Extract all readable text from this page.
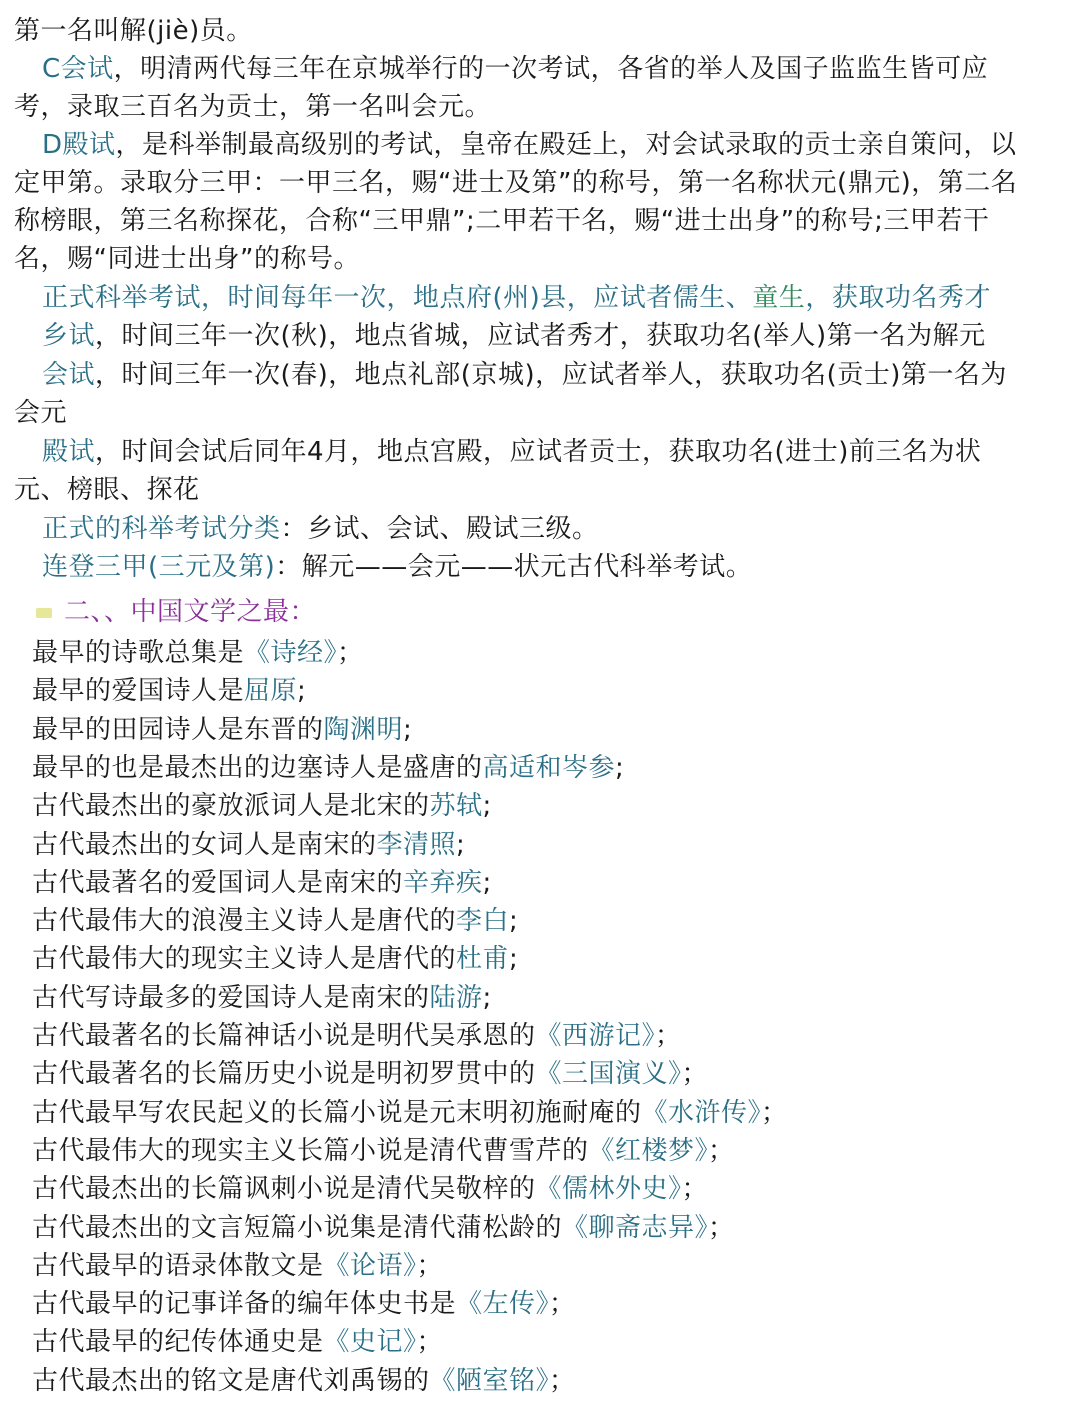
第一名叫解(jiè)员。
C会试，明清两代每三年在京城举行的一次考试，各省的举人及国子监监生皆可应
考，录取三百名为贡士，第一名叫会元。
D殿试，是科举制最高级别的考试，皇帝在殿廷上，对会试录取的贡士亲自策问，以
定甲第。录取分三甲：一甲三名，赐“进士及第”的称号，第一名称状元(鼎元)，第二名
称榜眼，第三名称探花，合称“三甲鼎”;二甲若干名，赐“进士出身”的称号;三甲若干
名，赐“同进士出身”的称号。
正式科举考试，时间每年一次，地点府(州)县，应试者儒生、童生，获取功名秀才
乡试，时间三年一次(秋)，地点省城，应试者秀才，获取功名(举人)第一名为解元
会试，时间三年一次(春)，地点礼部(京城)，应试者举人，获取功名(贡士)第一名为
会元
殿试，时间会试后同年4月，地点宫殿，应试者贡士，获取功名(进士)前三名为状
元、榜眼、探花
正式的科举考试分类：乡试、会试、殿试三级。
连登三甲(三元及第)：解元——会元——状元古代科举考试。
二、、中国文学之最：
最早的诗歌总集是《诗经》；
最早的爱国诗人是屈原;
最早的田园诗人是东晋的陶渊明;
最早的也是最杰出的边塞诗人是盛唐的高适和岑参;
古代最杰出的豪放派词人是北宋的苏轼;
古代最杰出的女词人是南宋的李清照;
古代最著名的爱国词人是南宋的辛弃疾;
古代最伟大的浪漫主义诗人是唐代的李白;
古代最伟大的现实主义诗人是唐代的杜甫;
古代写诗最多的爱国诗人是南宋的陆游;
古代最著名的长篇神话小说是明代吴承恩的《西游记》；
古代最著名的长篇历史小说是明初罗贯中的《三国演义》；
古代最早写农民起义的长篇小说是元末明初施耐庵的《水浒传》；
古代最伟大的现实主义长篇小说是清代曹雪芹的《红楼梦》；
古代最杰出的长篇讽刺小说是清代吴敬梓的《儒林外史》；
古代最杰出的文言短篇小说集是清代蒲松龄的《聊斋志异》；
古代最早的语录体散文是《论语》；
古代最早的记事详备的编年体史书是《左传》；
古代最早的纪传体通史是《史记》；
古代最杰出的铭文是唐代刘禹锡的《陋室铭》；
